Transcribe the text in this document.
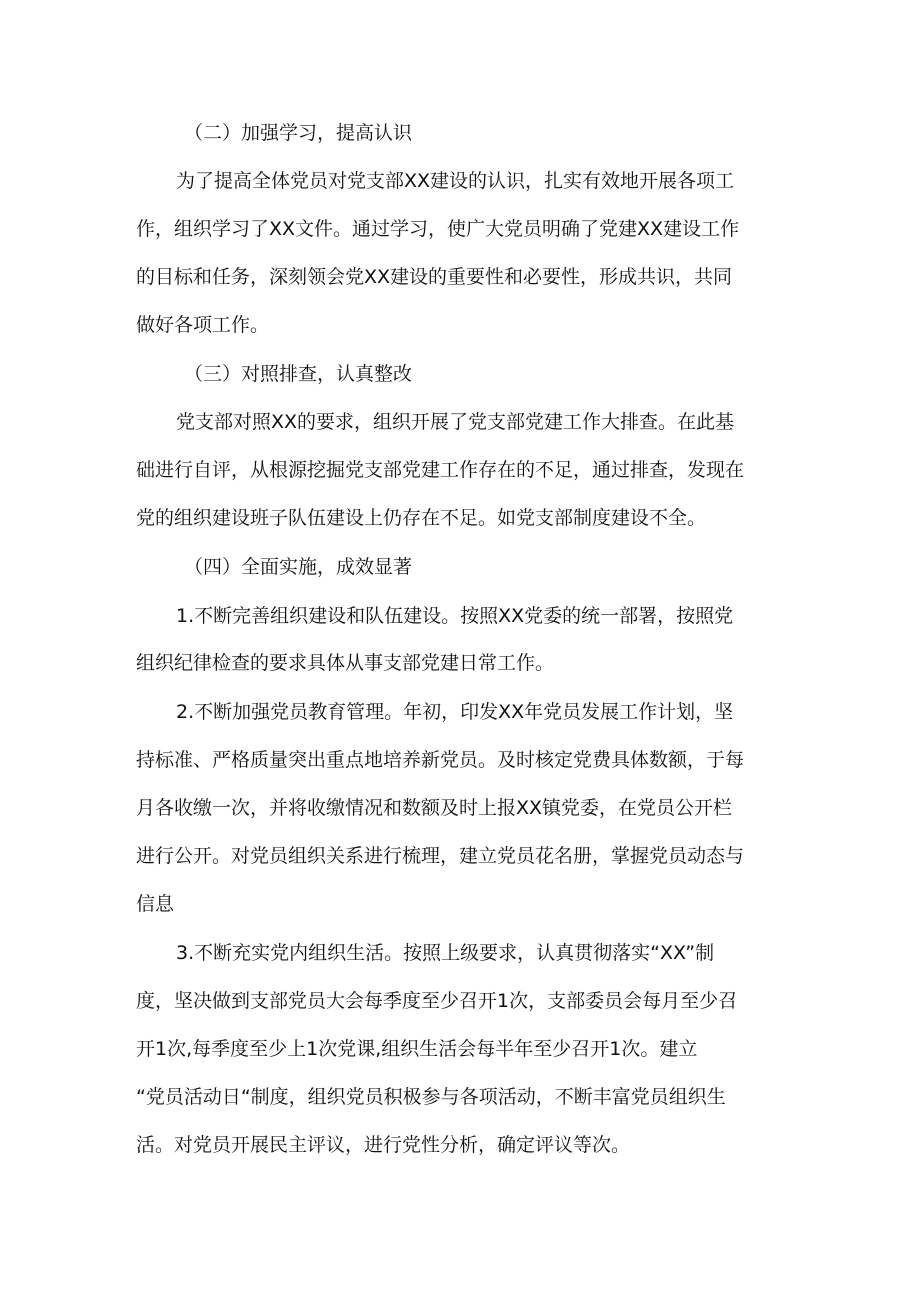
（二）加强学习，提高认识
为了提高全体党员对党支部XX建设的认识，扎实有效地开展各项工
作，组织学习了XX文件。通过学习，使广大党员明确了党建XX建设工作
的目标和任务，深刻领会党XX建设的重要性和必要性，形成共识，共同
做好各项工作。
（三）对照排查，认真整改
党支部对照XX的要求，组织开展了党支部党建工作大排查。在此基
础进行自评，从根源挖掘党支部党建工作存在的不足，通过排查，发现在
党的组织建设班子队伍建设上仍存在不足。如党支部制度建设不全。
（四）全面实施，成效显著
1.不断完善组织建设和队伍建设。按照XX党委的统一部署，按照党
组织纪律检查的要求具体从事支部党建日常工作。
2.不断加强党员教育管理。年初，印发XX年党员发展工作计划，坚
持标准、严格质量突出重点地培养新党员。及时核定党费具体数额，于每
月各收缴一次，并将收缴情况和数额及时上报XX镇党委，在党员公开栏
进行公开。对党员组织关系进行梳理，建立党员花名册，掌握党员动态与
信息
3.不断充实党内组织生活。按照上级要求，认真贯彻落实“XX”制
度，坚决做到支部党员大会每季度至少召开1次，支部委员会每月至少召
开1次,每季度至少上1次党课,组织生活会每半年至少召开1次。建立
“党员活动日“制度，组织党员积极参与各项活动，不断丰富党员组织生
活。对党员开展民主评议，进行党性分析，确定评议等次。
